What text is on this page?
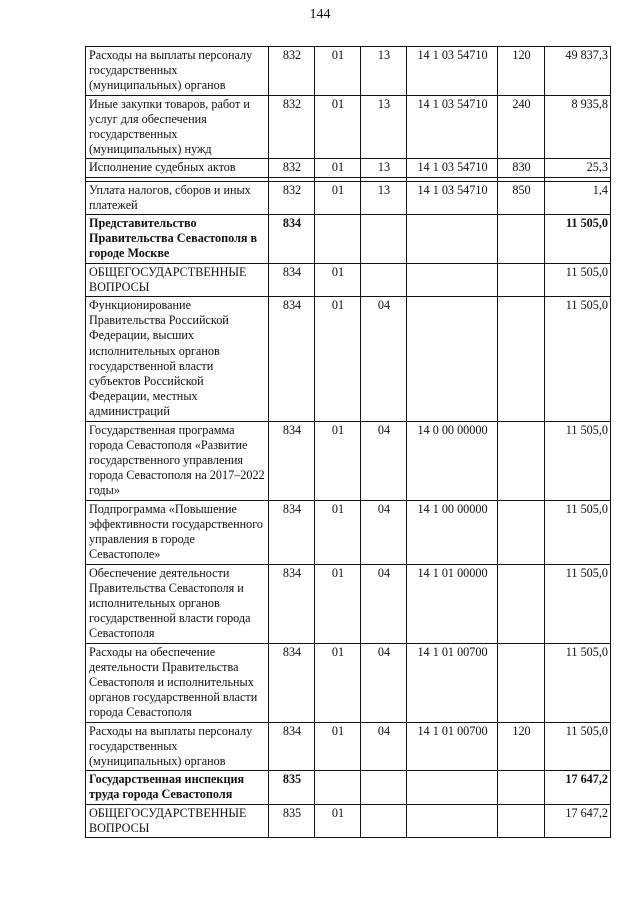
144
Расходы на выплаты персоналу государственных (муниципальных) органов	832	01	13	14 1 03 54710	120	49 837,3
Иные закупки товаров, работ и услуг для обеспечения государственных (муниципальных) нужд	832	01	13	14 1 03 54710	240	8 935,8
Исполнение судебных актов	832	01	13	14 1 03 54710	830	25,3

Уплата налогов, сборов и иных платежей	832	01	13	14 1 03 54710	850	1,4
Представительство Правительства Севастополя в городе Москве	834					11 505,0
ОБЩЕГОСУДАРСТВЕННЫЕ ВОПРОСЫ	834	01				11 505,0
Функционирование Правительства Российской Федерации, высших исполнительных органов государственной власти субъектов Российской Федерации, местных администраций	834	01	04			11 505,0
Государственная программа города Севастополя «Развитие государственного управления города Севастополя на 2017–2022 годы»	834	01	04	14 0 00 00000		11 505,0
Подпрограмма «Повышение эффективности государственного управления в городе Севастополе»	834	01	04	14 1 00 00000		11 505,0
Обеспечение деятельности Правительства Севастополя и исполнительных органов государственной власти города Севастополя	834	01	04	14 1 01 00000		11 505,0
Расходы на обеспечение деятельности Правительства Севастополя и исполнительных органов государственной власти города Севастополя	834	01	04	14 1 01 00700		11 505,0
Расходы на выплаты персоналу государственных (муниципальных) органов	834	01	04	14 1 01 00700	120	11 505,0
Государственная инспекция труда города Севастополя	835					17 647,2
ОБЩЕГОСУДАРСТВЕННЫЕ ВОПРОСЫ	835	01				17 647,2
